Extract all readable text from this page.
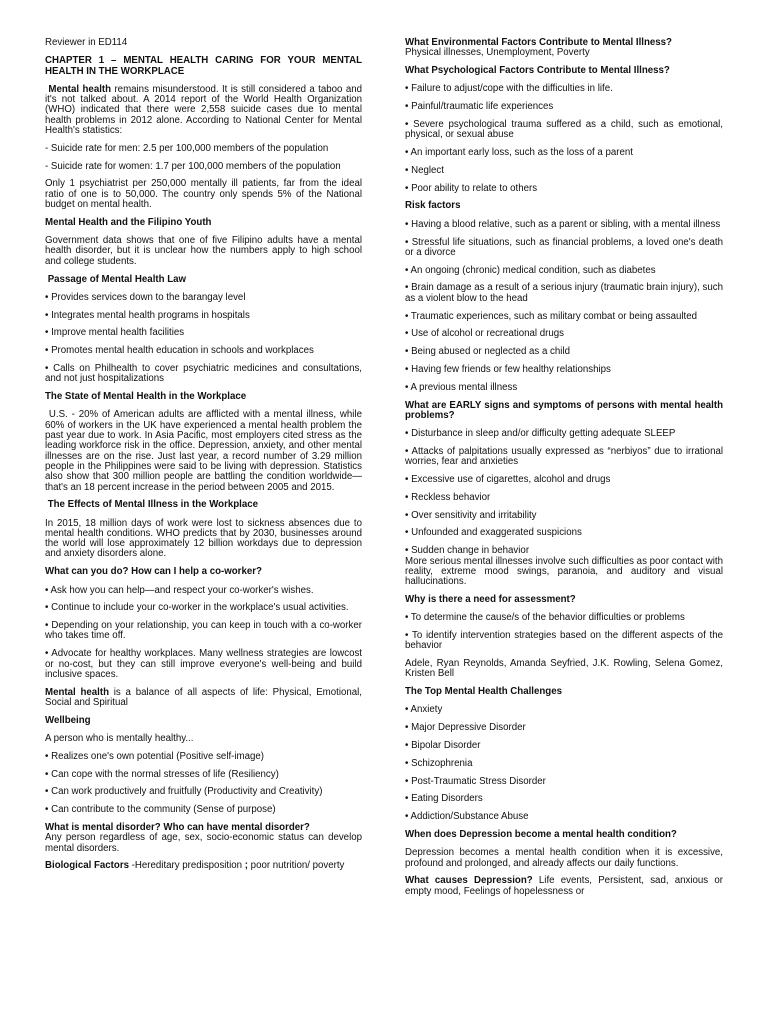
Reviewer in ED114

CHAPTER 1 – MENTAL HEALTH CARING FOR YOUR MENTAL HEALTH IN THE WORKPLACE

Mental health remains misunderstood. It is still considered a taboo and it's not talked about. A 2014 report of the World Health Organization (WHO) indicated that there were 2,558 suicide cases due to mental health problems in 2012 alone. According to National Center for Mental Health's statistics:

- Suicide rate for men: 2.5 per 100,000 members of the population

- Suicide rate for women: 1.7 per 100,000 members of the population

Only 1 psychiatrist per 250,000 mentally ill patients, far from the ideal ratio of one is to 50,000. The country only spends 5% of the National budget on mental health.

Mental Health and the Filipino Youth

Government data shows that one of five Filipino adults have a mental health disorder, but it is unclear how the numbers apply to high school and college students.

Passage of Mental Health Law

• Provides services down to the barangay level

• Integrates mental health programs in hospitals

• Improve mental health facilities

• Promotes mental health education in schools and workplaces

• Calls on Philhealth to cover psychiatric medicines and consultations, and not just hospitalizations

The State of Mental Health in the Workplace

U.S. - 20% of American adults are afflicted with a mental illness, while 60% of workers in the UK have experienced a mental health problem the past year due to work. In Asia Pacific, most employers cited stress as the leading workforce risk in the office. Depression, anxiety, and other mental illnesses are on the rise. Just last year, a record number of 3.29 million people in the Philippines were said to be living with depression. Statistics also show that 300 million people are battling the condition worldwide—that's an 18 percent increase in the period between 2005 and 2015.

The Effects of Mental Illness in the Workplace

In 2015, 18 million days of work were lost to sickness absences due to mental health conditions. WHO predicts that by 2030, businesses around the world will lose approximately 12 billion workdays due to depression and anxiety disorders alone.

What can you do? How can I help a co-worker?

• Ask how you can help—and respect your co-worker's wishes.

• Continue to include your co-worker in the workplace's usual activities.

• Depending on your relationship, you can keep in touch with a co-worker who takes time off.

• Advocate for healthy workplaces. Many wellness strategies are lowcost or no-cost, but they can still improve everyone's well-being and build inclusive spaces.

Mental health is a balance of all aspects of life: Physical, Emotional, Social and Spiritual

Wellbeing

A person who is mentally healthy...

• Realizes one's own potential (Positive self-image)

• Can cope with the normal stresses of life (Resiliency)

• Can work productively and fruitfully (Productivity and Creativity)

• Can contribute to the community (Sense of purpose)

What is mental disorder? Who can have mental disorder?

Any person regardless of age, sex, socio-economic status can develop mental disorders.

Biological Factors -Hereditary predisposition ; poor nutrition/ poverty

What Environmental Factors Contribute to Mental Illness?

Physical illnesses, Unemployment, Poverty

What Psychological Factors Contribute to Mental Illness?

• Failure to adjust/cope with the difficulties in life.

• Painful/traumatic life experiences

• Severe psychological trauma suffered as a child, such as emotional, physical, or sexual abuse

• An important early loss, such as the loss of a parent

• Neglect

• Poor ability to relate to others

Risk factors

• Having a blood relative, such as a parent or sibling, with a mental illness

• Stressful life situations, such as financial problems, a loved one's death or a divorce

• An ongoing (chronic) medical condition, such as diabetes

• Brain damage as a result of a serious injury (traumatic brain injury), such as a violent blow to the head

• Traumatic experiences, such as military combat or being assaulted

• Use of alcohol or recreational drugs

• Being abused or neglected as a child

• Having few friends or few healthy relationships

• A previous mental illness

What are EARLY signs and symptoms of persons with mental health problems?

• Disturbance in sleep and/or difficulty getting adequate SLEEP

• Attacks of palpitations usually expressed as “nerbiyos” due to irrational worries, fear and anxieties

• Excessive use of cigarettes, alcohol and drugs

• Reckless behavior

• Over sensitivity and irritability

• Unfounded and exaggerated suspicions

• Sudden change in behavior

More serious mental illnesses involve such difficulties as poor contact with reality, extreme mood swings, paranoia, and auditory and visual hallucinations.

Why is there a need for assessment?

• To determine the cause/s of the behavior difficulties or problems

• To identify intervention strategies based on the different aspects of the behavior

Adele, Ryan Reynolds, Amanda Seyfried, J.K. Rowling, Selena Gomez, Kristen Bell

The Top Mental Health Challenges

• Anxiety

• Major Depressive Disorder

• Bipolar Disorder

• Schizophrenia

• Post-Traumatic Stress Disorder

• Eating Disorders

• Addiction/Substance Abuse

When does Depression become a mental health condition?

Depression becomes a mental health condition when it is excessive, profound and prolonged, and already affects our daily functions.

What causes Depression? Life events, Persistent, sad, anxious or empty mood, Feelings of hopelessness or
